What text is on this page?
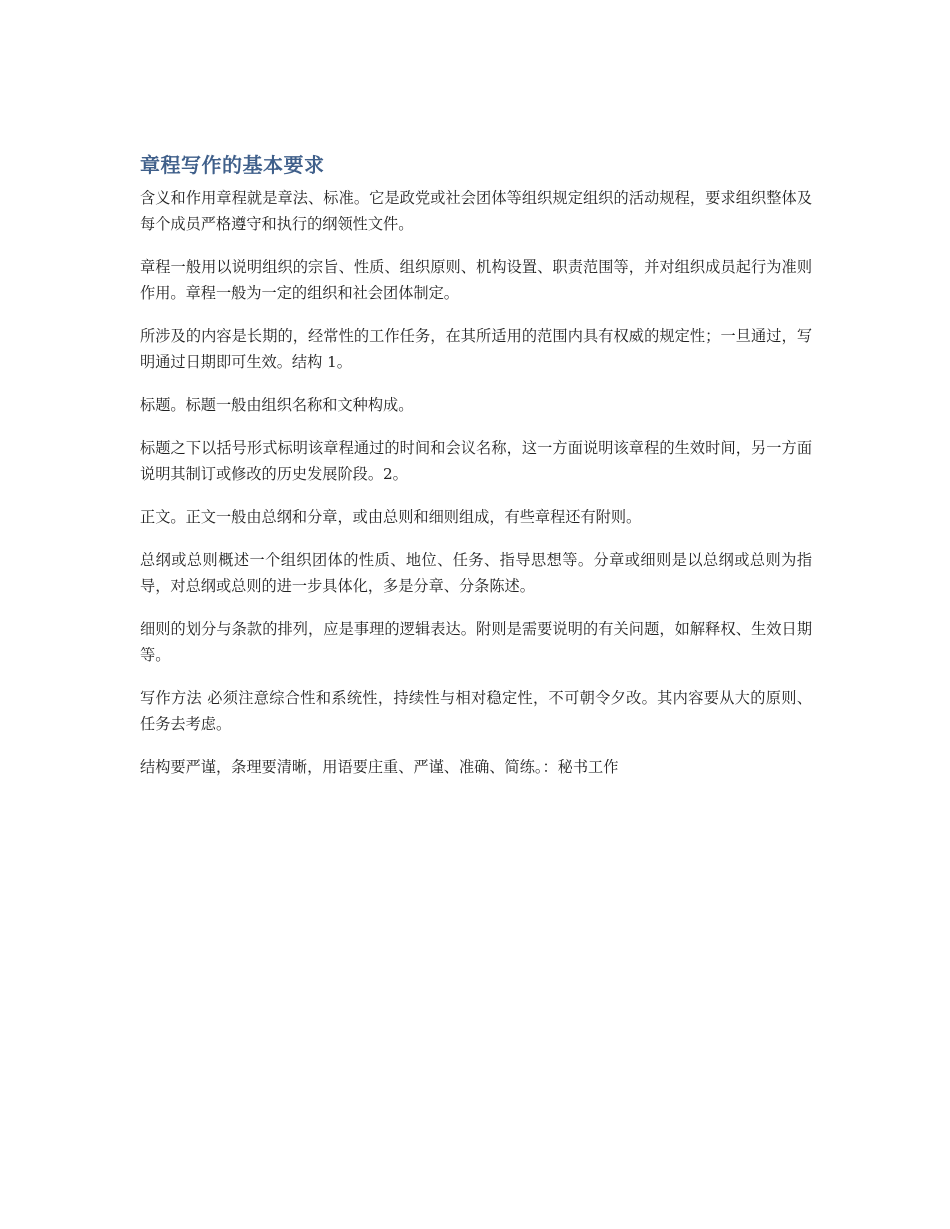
章程写作的基本要求

含义和作用章程就是章法、标准。它是政党或社会团体等组织规定组织的活动规程，要求组织整体及每个成员严格遵守和执行的纲领性文件。

章程一般用以说明组织的宗旨、性质、组织原则、机构设置、职责范围等，并对组织成员起行为准则作用。章程一般为一定的组织和社会团体制定。

所涉及的内容是长期的，经常性的工作任务，在其所适用的范围内具有权威的规定性；一旦通过，写明通过日期即可生效。结构 1。

标题。标题一般由组织名称和文种构成。

标题之下以括号形式标明该章程通过的时间和会议名称，这一方面说明该章程的生效时间，另一方面说明其制订或修改的历史发展阶段。2。

正文。正文一般由总纲和分章，或由总则和细则组成，有些章程还有附则。

总纲或总则概述一个组织团体的性质、地位、任务、指导思想等。分章或细则是以总纲或总则为指导，对总纲或总则的进一步具体化，多是分章、分条陈述。

细则的划分与条款的排列，应是事理的逻辑表达。附则是需要说明的有关问题，如解释权、生效日期等。

写作方法 必须注意综合性和系统性，持续性与相对稳定性，不可朝令夕改。其内容要从大的原则、任务去考虑。

结构要严谨，条理要清晰，用语要庄重、严谨、准确、简练。：秘书工作
